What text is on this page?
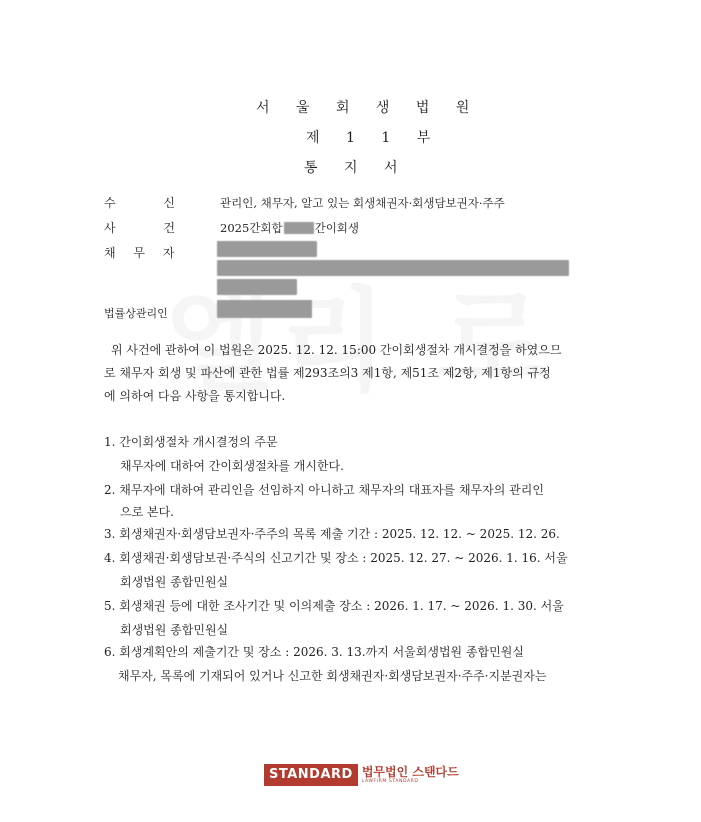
서 울 회 생 법 원
제 1 1 부
통 지 서
수 신	관리인, 채무자, 알고 있는 회생채권자·회생담보권자·주주
사 건	2025간회합	간이회생
채 무 자
법률상관리인
위 사건에 관하여 이 법원은 2025. 12. 12. 15:00 간이회생절차 개시결정을 하였으므
로 채무자 회생 및 파산에 관한 법률 제293조의3 제1항, 제51조 제2항, 제1항의 규정
에 의하여 다음 사항을 통지합니다.
1. 간이회생절차 개시결정의 주문
채무자에 대하여 간이회생절차를 개시한다.
2. 채무자에 대하여 관리인을 선임하지 아니하고 채무자의 대표자를 채무자의 관리인
으로 본다.
3. 회생채권자·회생담보권자·주주의 목록 제출 기간 : 2025. 12. 12. ~ 2025. 12. 26.
4. 회생채권·회생담보권·주식의 신고기간 및 장소 : 2025. 12. 27. ~ 2026. 1. 16. 서울
회생법원 종합민원실
5. 회생채권 등에 대한 조사기간 및 이의제출 장소 : 2026. 1. 17. ~ 2026. 1. 30. 서울
회생법원 종합민원실
6. 회생계획안의 제출기간 및 장소 : 2026. 3. 13.까지 서울회생법원 종합민원실
채무자, 목록에 기재되어 있거나 신고한 회생채권자·회생담보권자·주주·지분권자는
STANDARD 법무법인 스탠다드
LAWFIRM STANDARD
